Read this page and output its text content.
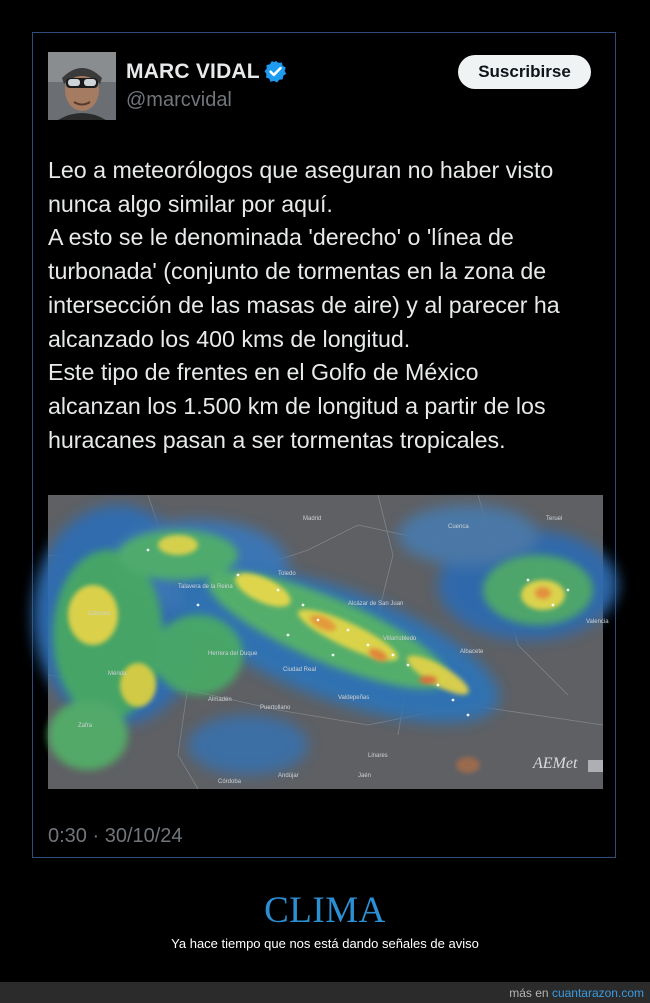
MARC VIDAL
@marcvidal
Suscribirse
Leo a meteorólogos que aseguran no haber visto
nunca algo similar por aquí.
A esto se le denominada 'derecho' o 'línea de
turbonada' (conjunto de tormentas en la zona de
intersección de las masas de aire) y al parecer ha
alcanzado los 400 kms de longitud.
Este tipo de frentes en el Golfo de México
alcanzan los 1.500 km de longitud a partir de los
huracanes pasan a ser tormentas tropicales.
Madrid
Cuenca
Teruel
Valencia
Albacete
Toledo
Ciudad Real
Valdepeñas
Almadén
Herrera del Duque
Puertollano
Mérida
Cáceres
Zafra
Linares
Jaén
Andújar
Córdoba
Villarrobledo
Alcázar de San Juan
Talavera de la Reina
AEMet
0:30 · 30/10/24
CLIMA
Ya hace tiempo que nos está dando señales de aviso
más en cuantarazon.com
